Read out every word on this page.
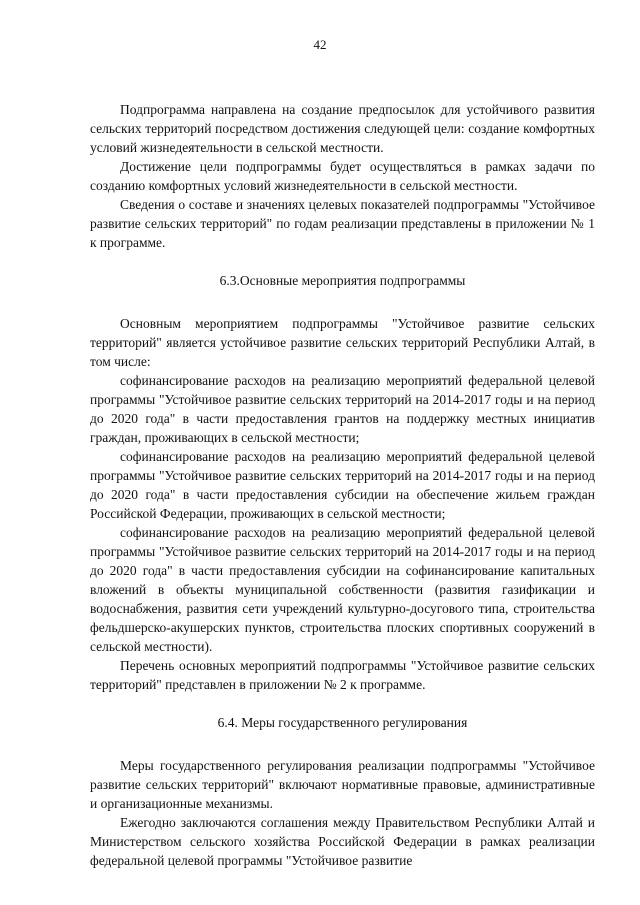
42

Подпрограмма направлена на создание предпосылок для устойчивого развития сельских территорий посредством достижения следующей цели: создание комфортных условий жизнедеятельности в сельской местности.

Достижение цели подпрограммы будет осуществляться в рамках задачи по созданию комфортных условий жизнедеятельности в сельской местности.

Сведения о составе и значениях целевых показателей подпрограммы "Устойчивое развитие сельских территорий" по годам реализации представлены в приложении № 1 к программе.

6.3.Основные мероприятия подпрограммы

Основным мероприятием подпрограммы "Устойчивое развитие сельских территорий" является устойчивое развитие сельских территорий Республики Алтай, в том числе:

софинансирование расходов на реализацию мероприятий федеральной целевой программы "Устойчивое развитие сельских территорий на 2014-2017 годы и на период до 2020 года" в части предоставления грантов на поддержку местных инициатив граждан, проживающих в сельской местности;

софинансирование расходов на реализацию мероприятий федеральной целевой программы "Устойчивое развитие сельских территорий на 2014-2017 годы и на период до 2020 года" в части предоставления субсидии на обеспечение жильем граждан Российской Федерации, проживающих в сельской местности;

софинансирование расходов на реализацию мероприятий федеральной целевой программы "Устойчивое развитие сельских территорий на 2014-2017 годы и на период до 2020 года" в части предоставления субсидии на софинансирование капитальных вложений в объекты муниципальной собственности (развития газификации и водоснабжения, развития сети учреждений культурно-досугового типа, строительства фельдшерско-акушерских пунктов, строительства плоских спортивных сооружений в сельской местности).

Перечень основных мероприятий подпрограммы "Устойчивое развитие сельских территорий" представлен в приложении № 2 к программе.

6.4. Меры государственного регулирования

Меры государственного регулирования реализации подпрограммы "Устойчивое развитие сельских территорий" включают нормативные правовые, административные и организационные механизмы.

Ежегодно заключаются соглашения между Правительством Республики Алтай и Министерством сельского хозяйства Российской Федерации в рамках реализации федеральной целевой программы "Устойчивое развитие
